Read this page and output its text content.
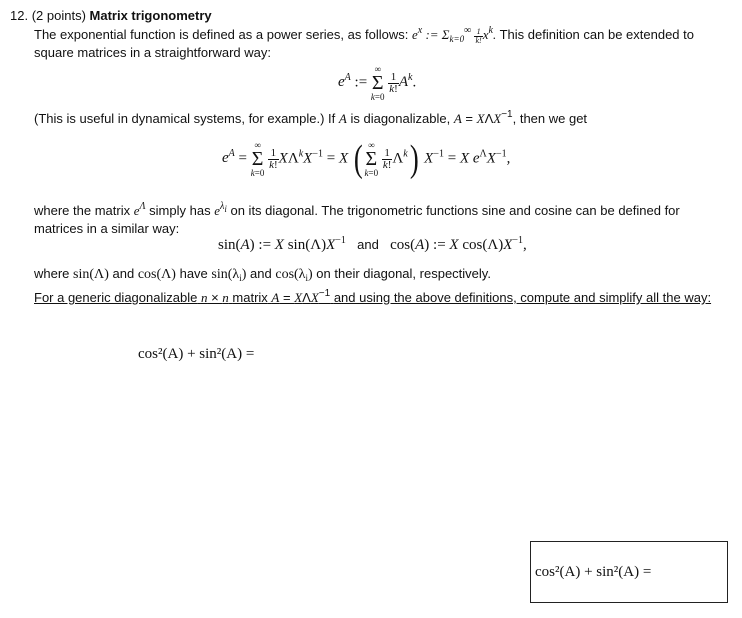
12. (2 points) Matrix trigonometry
The exponential function is defined as a power series, as follows: $e^x$ := $\Sigma_{k=0}^\infty \frac{1}{k!} x^k$. This definition can be extended to
square matrices in a straightforward way:
$e^A$ :=
∞
Σ
k=0

$\frac{1}{k!} A^k$.
(This is useful in dynamical systems, for example.) If A is diagonalizable, $A = X\Lambda X^{-1}$, then we get
$e^A$ =
∞
Σ
k=0

$\frac{1}{k!} X\Lambda^kX^{-1} = X$ ( ∞
Σ
k=0

$\frac{1}{k!} \Lambda^k$) $X^{-1} = X$ $e^\Lambda X^{-1}$,
where the matrix $e^\Lambda$ simply has $e^{\lambda_i}$ on its diagonal. The trigonometric functions sine and cosine can be defined for
matrices in a similar way:
sin(A) := X $\sin(\Lambda)X^{-1}$ and   cos(A) := X $\cos(\Lambda)X^{-1}$,
where sin(Λ) and cos(Λ) have $\sin(\lambda_i)$ and $\cos(\lambda_i)$ on their diagonal, respectively.
For a generic diagonalizable n × n matrix $A = X\Lambda X^{-1}$ and using the above definitions, compute and simplify all the way:
cos²(A) + sin²(A) =
cos²(A) + sin²(A) =
